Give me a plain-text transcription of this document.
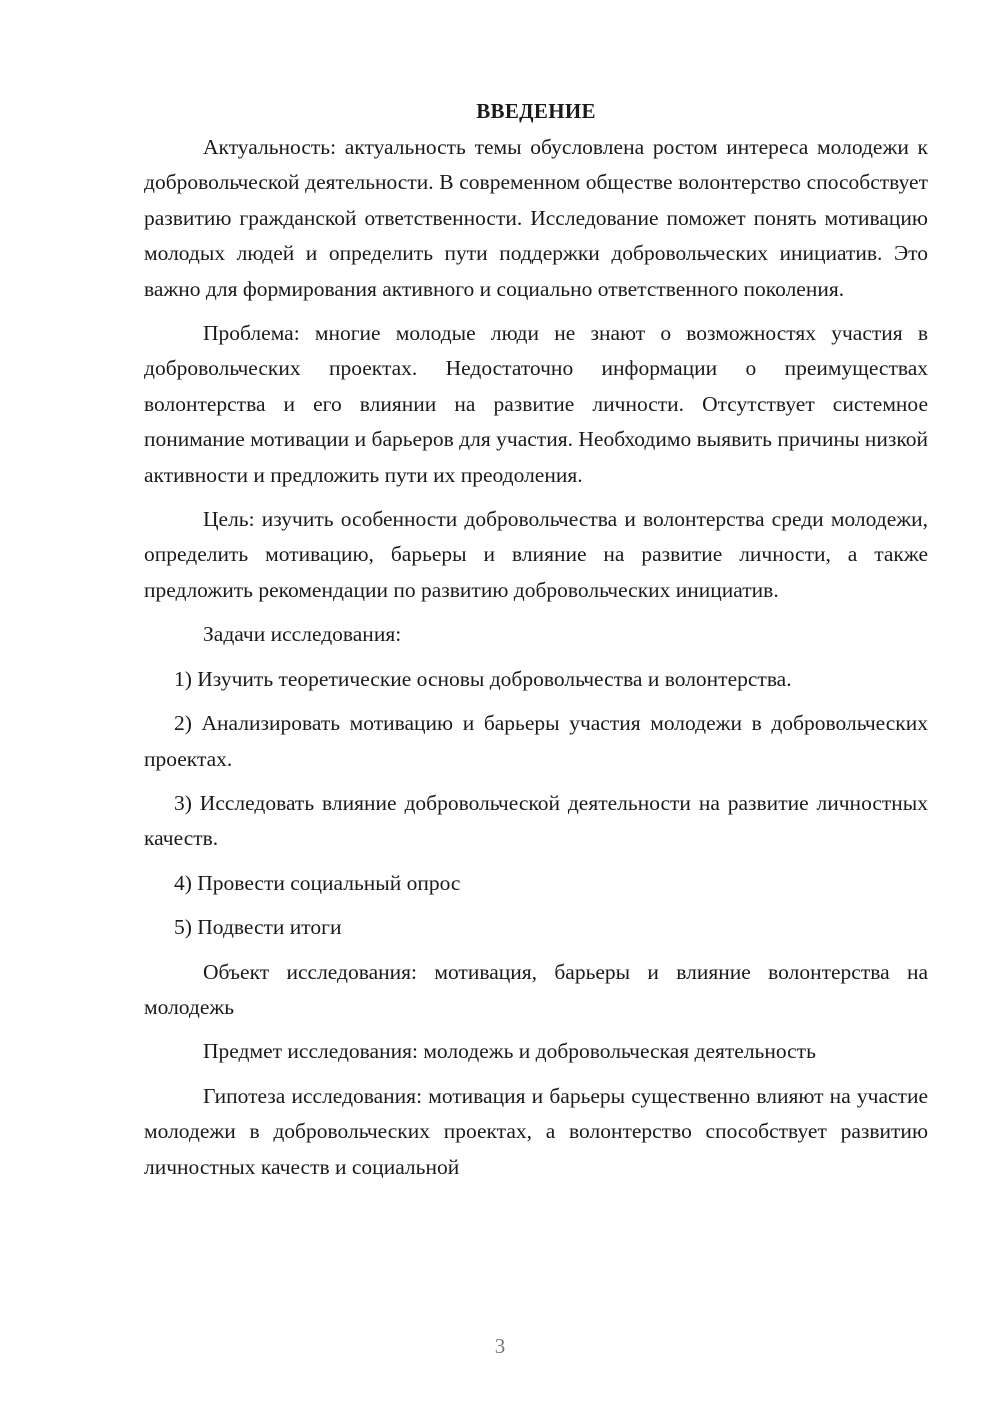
ВВЕДЕНИЕ

Актуальность: актуальность темы обусловлена ростом интереса молодежи к добровольческой деятельности. В современном обществе волонтерство способствует развитию гражданской ответственности. Исследование поможет понять мотивацию молодых людей и определить пути поддержки добровольческих инициатив. Это важно для формирования активного и социально ответственного поколения.

Проблема: многие молодые люди не знают о возможностях участия в добровольческих проектах. Недостаточно информации о преимуществах волонтерства и его влиянии на развитие личности. Отсутствует системное понимание мотивации и барьеров для участия. Необходимо выявить причины низкой активности и предложить пути их преодоления.

Цель: изучить особенности добровольчества и волонтерства среди молодежи, определить мотивацию, барьеры и влияние на развитие личности, а также предложить рекомендации по развитию добровольческих инициатив.

Задачи исследования:

1) Изучить теоретические основы добровольчества и волонтерства.

2) Анализировать мотивацию и барьеры участия молодежи в добровольческих проектах.

3) Исследовать влияние добровольческой деятельности на развитие личностных качеств.

4) Провести социальный опрос

5) Подвести итоги

Объект исследования: мотивация, барьеры и влияние волонтерства на молодежь

Предмет исследования: молодежь и добровольческая деятельность

Гипотеза исследования: мотивация и барьеры существенно влияют на участие молодежи в добровольческих проектах, а волонтерство способствует развитию личностных качеств и социальной

3
